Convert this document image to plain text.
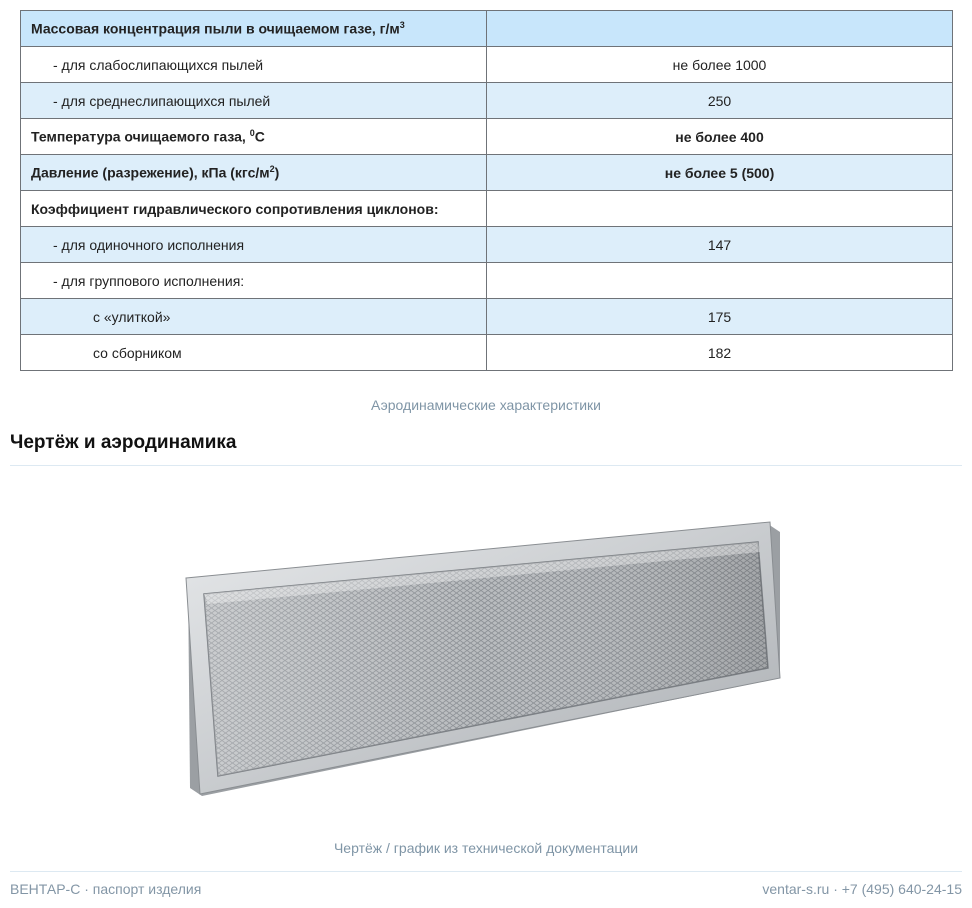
Массовая концентрация пыли в очищаемом газе, $г/м^3$	
- для слабослипающихся пылей	не более 1000
- для среднеслипающихся пылей	250
Температура очищаемого газа, $^0$С	не более 400
Давление (разрежение), кПа $(кгс/м^2)$	не более 5 (500)
Коэффициент гидравлического сопротивления циклонов:	
- для одиночного исполнения	147
- для группового исполнения:	
с «улиткой»	175
со сборником	182
Аэродинамические характеристики
Чертёж и аэродинамика
Чертёж / график из технической документации
ВЕНТАР-С · паспорт изделия	ventar-s.ru · +7 (495) 640-24-15
